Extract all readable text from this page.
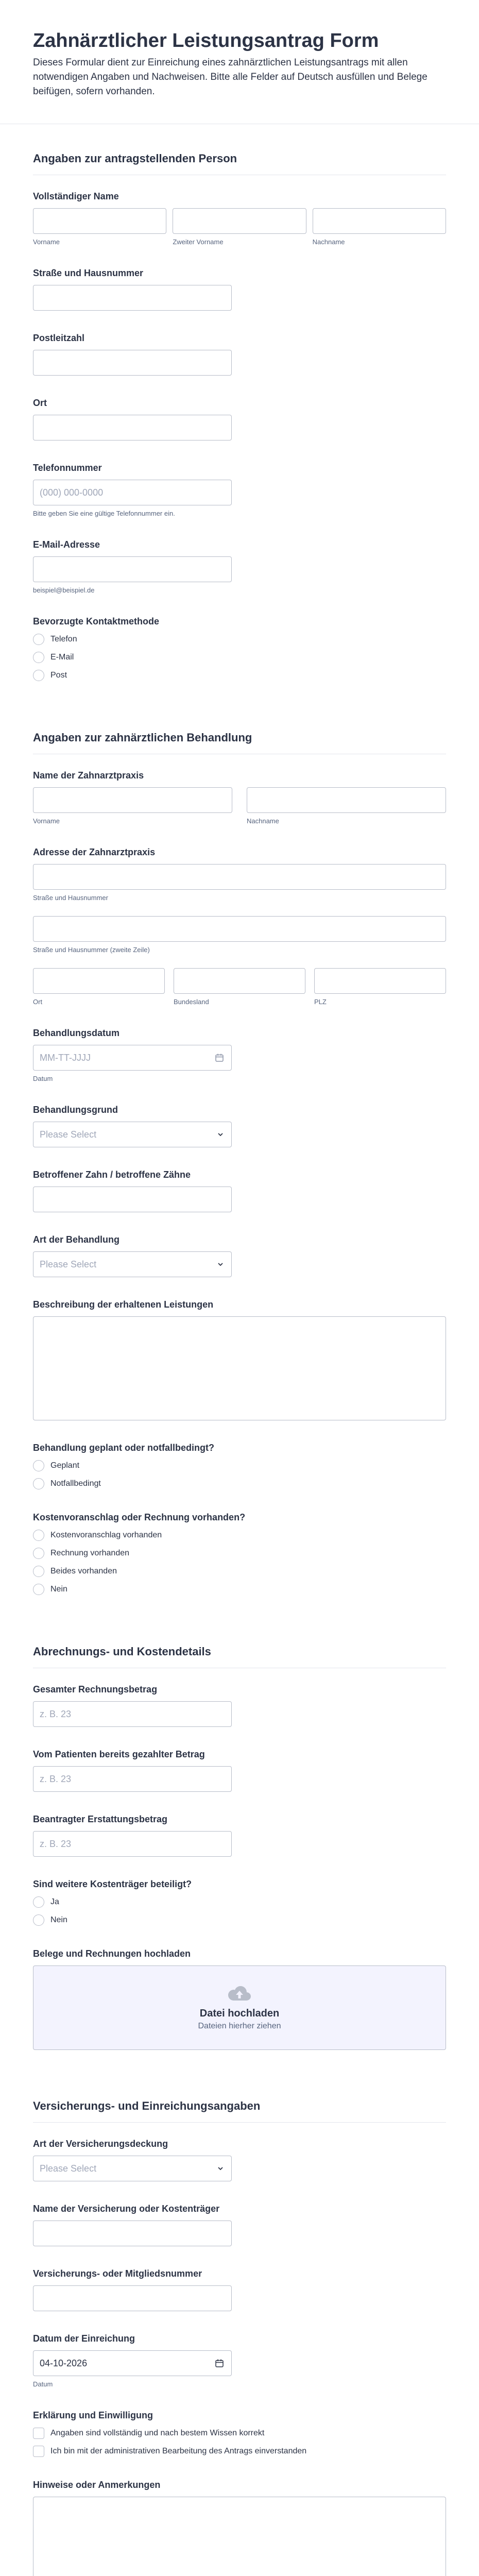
Zahnärztlicher Leistungsantrag Form

Dieses Formular dient zur Einreichung eines zahnärztlichen Leistungsantrags mit allen notwendigen Angaben und Nachweisen. Bitte alle Felder auf Deutsch ausfüllen und Belege beifügen, sofern vorhanden.

Angaben zur antragstellenden Person
Vollständiger Name
Vorname	Zweiter Vorname	Nachname
Straße und Hausnummer
Postleitzahl
Ort
Telefonnummer
(000) 000-0000
Bitte geben Sie eine gültige Telefonnummer ein.
E-Mail-Adresse
beispiel@beispiel.de
Bevorzugte Kontaktmethode
Telefon
E-Mail
Post
Angaben zur zahnärztlichen Behandlung
Name der Zahnarztpraxis
Vorname	Nachname
Adresse der Zahnarztpraxis
Straße und Hausnummer
Straße und Hausnummer (zweite Zeile)
Ort	Bundesland	PLZ
Behandlungsdatum
MM-TT-JJJJ
Datum
Behandlungsgrund
Please Select
Betroffener Zahn / betroffene Zähne
Art der Behandlung
Please Select
Beschreibung der erhaltenen Leistungen
Behandlung geplant oder notfallbedingt?
Geplant
Notfallbedingt
Kostenvoranschlag oder Rechnung vorhanden?
Kostenvoranschlag vorhanden
Rechnung vorhanden
Beides vorhanden
Nein
Abrechnungs- und Kostendetails
Gesamter Rechnungsbetrag
z. B. 23
Vom Patienten bereits gezahlter Betrag
z. B. 23
Beantragter Erstattungsbetrag
z. B. 23
Sind weitere Kostenträger beteiligt?
Ja
Nein
Belege und Rechnungen hochladen
Datei hochladen
Dateien hierher ziehen
Versicherungs- und Einreichungsangaben
Art der Versicherungsdeckung
Please Select
Name der Versicherung oder Kostenträger
Versicherungs- oder Mitgliedsnummer
Datum der Einreichung
04-10-2026
Datum
Erklärung und Einwilligung
Angaben sind vollständig und nach bestem Wissen korrekt
Ich bin mit der administrativen Bearbeitung des Antrags einverstanden
Hinweise oder Anmerkungen
